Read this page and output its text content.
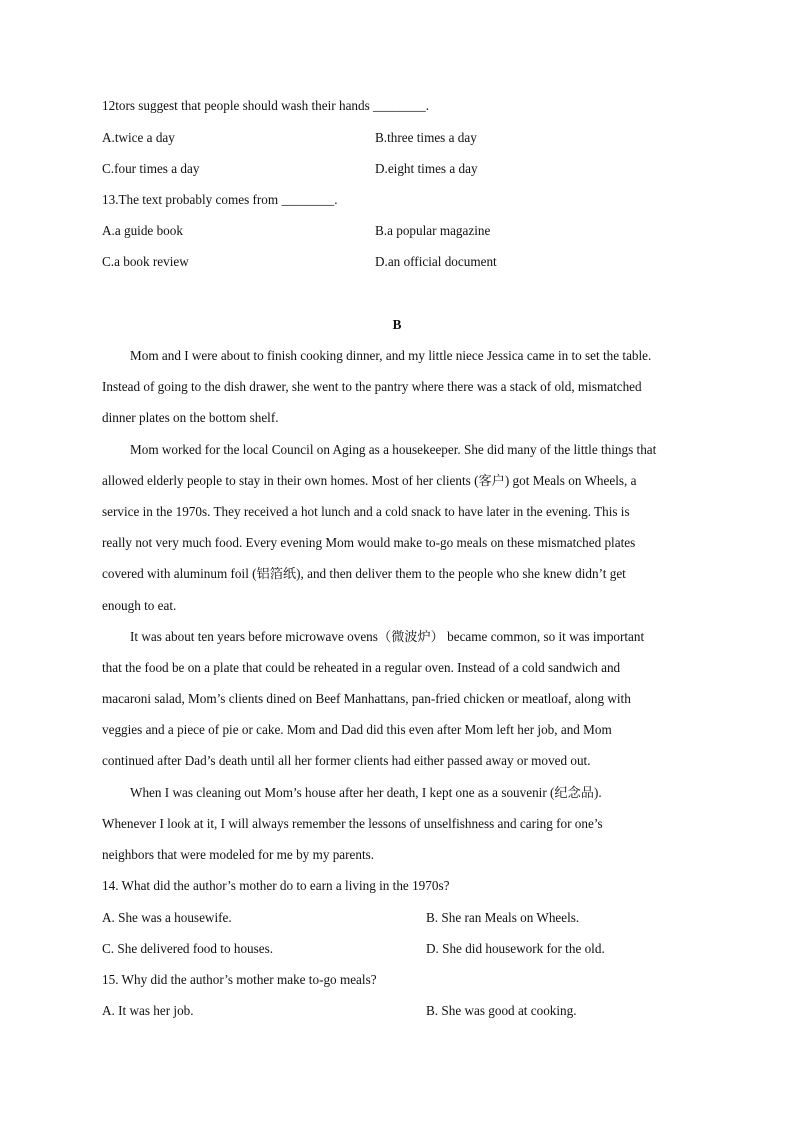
12tors suggest that people should wash their hands ________.
A.twice a day	B.three times a day
C.four times a day	D.eight times a day
13.The text probably comes from ________.
A.a guide book	B.a popular magazine
C.a book review	D.an official document
B
Mom and I were about to finish cooking dinner, and my little niece Jessica came in to set the table.
Instead of going to the dish drawer, she went to the pantry where there was a stack of old, mismatched
dinner plates on the bottom shelf.
Mom worked for the local Council on Aging as a housekeeper. She did many of the little things that
allowed elderly people to stay in their own homes. Most of her clients (客户) got Meals on Wheels, a
service in the 1970s. They received a hot lunch and a cold snack to have later in the evening. This is
really not very much food. Every evening Mom would make to-go meals on these mismatched plates
covered with aluminum foil (铝箔纸), and then deliver them to the people who she knew didn’t get
enough to eat.
It was about ten years before microwave ovens（微波炉） became common, so it was important
that the food be on a plate that could be reheated in a regular oven. Instead of a cold sandwich and
macaroni salad, Mom’s clients dined on Beef Manhattans, pan-fried chicken or meatloaf, along with
veggies and a piece of pie or cake. Mom and Dad did this even after Mom left her job, and Mom
continued after Dad’s death until all her former clients had either passed away or moved out.
When I was cleaning out Mom’s house after her death, I kept one as a souvenir (纪念品).
Whenever I look at it, I will always remember the lessons of unselfishness and caring for one’s
neighbors that were modeled for me by my parents.
14. What did the author’s mother do to earn a living in the 1970s?
A. She was a housewife.	B. She ran Meals on Wheels.
C. She delivered food to houses.	D. She did housework for the old.
15. Why did the author’s mother make to-go meals?
A. It was her job.	B. She was good at cooking.
